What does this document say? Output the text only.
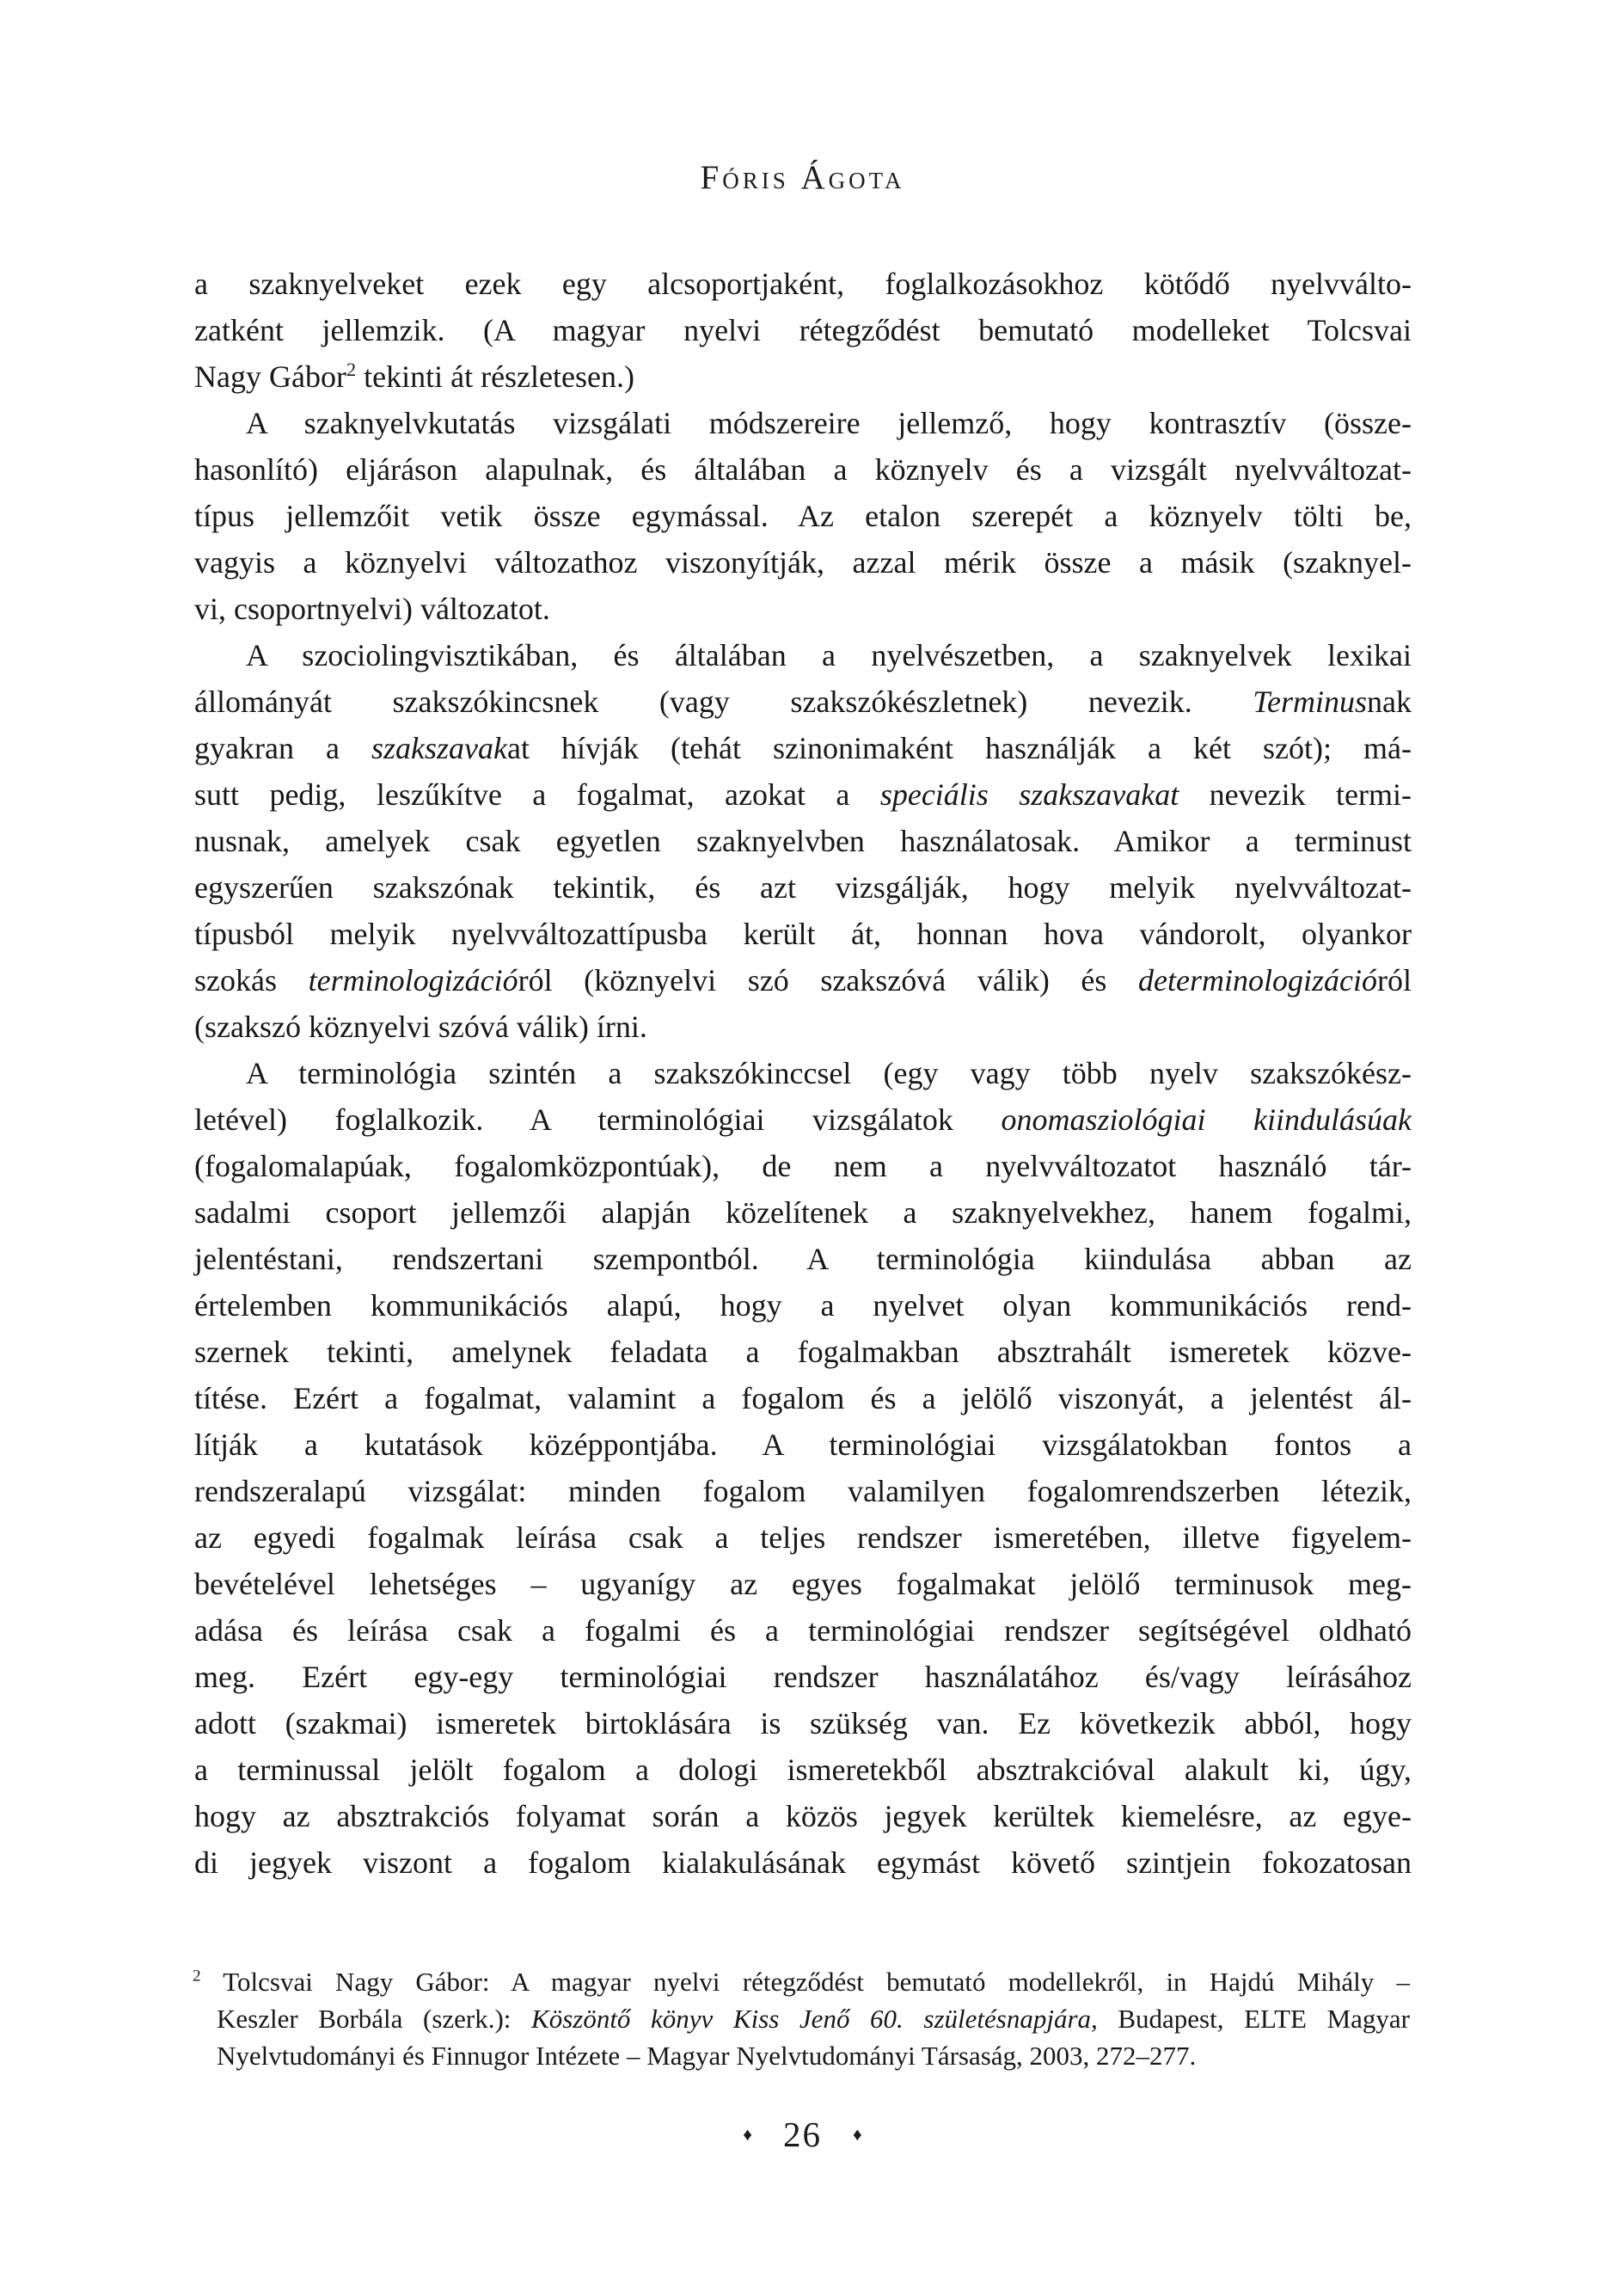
Fóris Ágota
a szaknyelveket ezek egy alcsoportjaként, foglalkozásokhoz kötődő nyelvválto-
zatként jellemzik. (A magyar nyelvi rétegződést bemutató modelleket Tolcsvai
Nagy Gábor$^2$ tekinti át részletesen.)
A szaknyelvkutatás vizsgálati módszereire jellemző, hogy kontrasztív (össze-
hasonlító) eljáráson alapulnak, és általában a köznyelv és a vizsgált nyelvváltozat-
típus jellemzőit vetik össze egymással. Az etalon szerepét a köznyelv tölti be,
vagyis a köznyelvi változathoz viszonyítják, azzal mérik össze a másik (szaknyel-
vi, csoportnyelvi) változatot.
A szociolingvisztikában, és általában a nyelvészetben, a szaknyelvek lexikai
állományát szakszókincsnek (vagy szakszókészletnek) nevezik. Terminusnak
gyakran a szakszavakat hívják (tehát szinonimaként használják a két szót); má-
sutt pedig, leszűkítve a fogalmat, azokat a speciális szakszavakat nevezik termi-
nusnak, amelyek csak egyetlen szaknyelvben használatosak. Amikor a terminust
egyszerűen szakszónak tekintik, és azt vizsgálják, hogy melyik nyelvváltozat-
típusból melyik nyelvváltozattípusba került át, honnan hova vándorolt, olyankor
szokás terminologizációról (köznyelvi szó szakszóvá válik) és determinologizációról
(szakszó köznyelvi szóvá válik) írni.
A terminológia szintén a szakszókinccsel (egy vagy több nyelv szakszókész-
letével) foglalkozik. A terminológiai vizsgálatok onomasziológiai kiindulásúak
(fogalomalapúak, fogalomközpontúak), de nem a nyelvváltozatot használó tár-
sadalmi csoport jellemzői alapján közelítenek a szaknyelvekhez, hanem fogalmi,
jelentéstani, rendszertani szempontból. A terminológia kiindulása abban az
értelemben kommunikációs alapú, hogy a nyelvet olyan kommunikációs rend-
szernek tekinti, amelynek feladata a fogalmakban absztrahált ismeretek közve-
títése. Ezért a fogalmat, valamint a fogalom és a jelölő viszonyát, a jelentést ál-
lítják a kutatások középpontjába. A terminológiai vizsgálatokban fontos a
rendszeralapú vizsgálat: minden fogalom valamilyen fogalomrendszerben létezik,
az egyedi fogalmak leírása csak a teljes rendszer ismeretében, illetve figyelem-
bevételével lehetséges – ugyanígy az egyes fogalmakat jelölő terminusok meg-
adása és leírása csak a fogalmi és a terminológiai rendszer segítségével oldható
meg. Ezért egy-egy terminológiai rendszer használatához és/vagy leírásához
adott (szakmai) ismeretek birtoklására is szükség van. Ez következik abból, hogy
a terminussal jelölt fogalom a dologi ismeretekből absztrakcióval alakult ki, úgy,
hogy az absztrakciós folyamat során a közös jegyek kerültek kiemelésre, az egye-
di jegyek viszont a fogalom kialakulásának egymást követő szintjein fokozatosan
$^2$ Tolcsvai Nagy Gábor: A magyar nyelvi rétegződést bemutató modellekről, in Hajdú Mihály –
Keszler Borbála (szerk.): Köszöntő könyv Kiss Jenő 60. születésnapjára, Budapest, ELTE Magyar
Nyelvtudományi és Finnugor Intézete – Magyar Nyelvtudományi Társaság, 2003, 272–277.
♦ 26 ♦
